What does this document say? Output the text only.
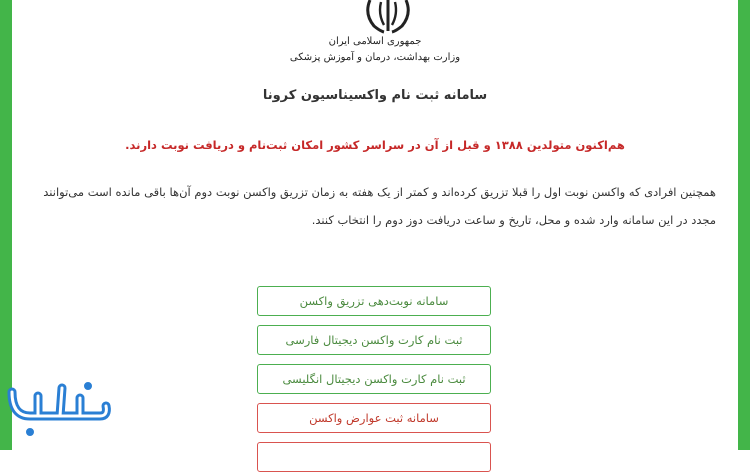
جمهوری اسلامی ایران
وزارت بهداشت، درمان و آموزش پزشکی
سامانه ثبت نام واکسیناسیون کرونا
هم‌اکنون متولدین ۱۳۸۸ و قبل از آن در سراسر کشور امکان ثبت‌نام و دریافت نوبت دارند.
همچنین افرادی که واکسن نوبت اول را قبلا تزریق کرده‌اند و کمتر از یک هفته به زمان تزریق واکسن نوبت دوم آن‌ها باقی مانده است می‌توانند
مجدد در این سامانه وارد شده و محل، تاریخ و ساعت دریافت دوز دوم را انتخاب کنند.
سامانه نوبت‌دهی تزریق واکسن
ثبت نام کارت واکسن دیجیتال فارسی
ثبت نام کارت واکسن دیجیتال انگلیسی
سامانه ثبت عوارض واکسن
